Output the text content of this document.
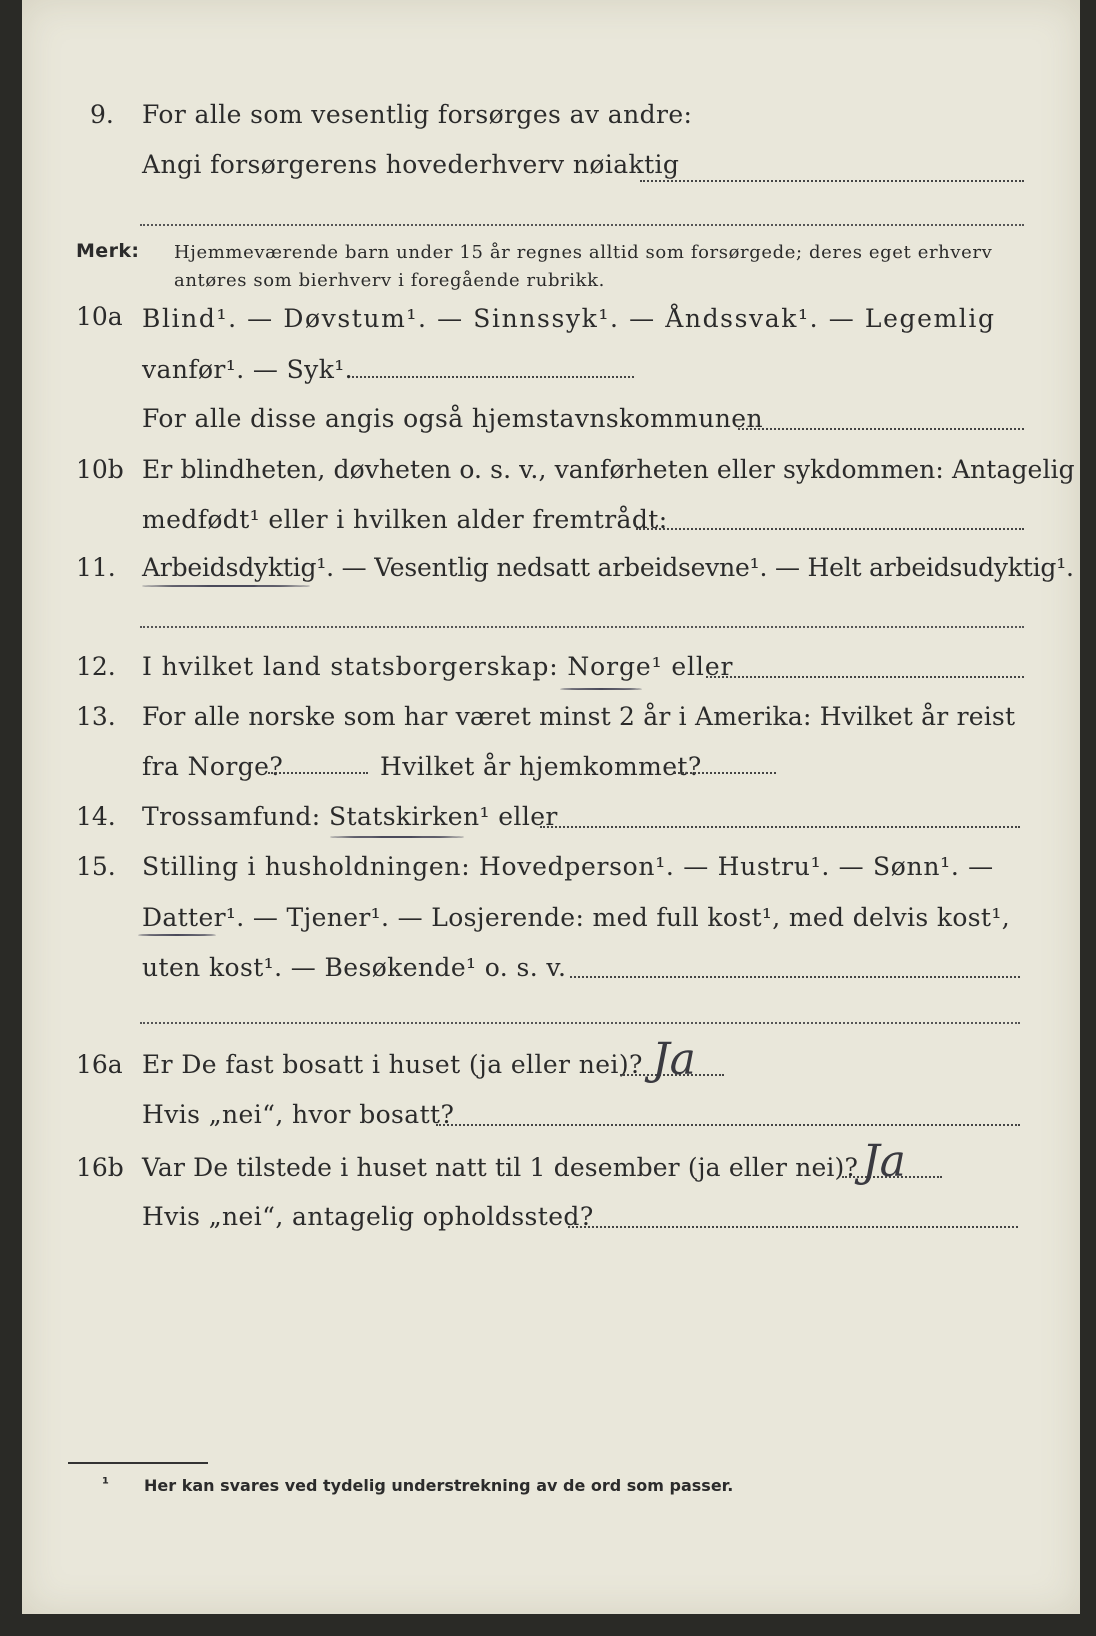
9. For alle som vesentlig forsørges av andre:
Angi forsørgerens hovederhverv nøiaktig
Merk: Hjemmeværende barn under 15 år regnes alltid som forsørgede; deres eget erhverv
antøres som bierhverv i foregående rubrikk.
10a Blind¹. — Døvstum¹. — Sinnssyk¹. — Åndssvak¹. — Legemlig
vanfør¹. — Syk¹.
For alle disse angis også hjemstavnskommunen
10b Er blindheten, døvheten o. s. v., vanførheten eller sykdommen: Antagelig
medfødt¹ eller i hvilken alder fremtrådt:
11. Arbeidsdyktig¹. — Vesentlig nedsatt arbeidsevne¹. — Helt arbeidsudyktig¹.
12. I hvilket land statsborgerskap: Norge¹ eller
13. For alle norske som har været minst 2 år i Amerika: Hvilket år reist
fra Norge?	Hvilket år hjemkommet?
14. Trossamfund: Statskirken¹ eller
15. Stilling i husholdningen: Hovedperson¹. — Hustru¹. — Sønn¹. —
Datter¹. — Tjener¹. — Losjerende: med full kost¹, med delvis kost¹,
uten kost¹. — Besøkende¹ o. s. v.
16a Er De fast bosatt i huset (ja eller nei)? Ja
Hvis „nei“, hvor bosatt?
16b Var De tilstede i huset natt til 1 desember (ja eller nei)? Ja
Hvis „nei“, antagelig opholdssted?
¹ Her kan svares ved tydelig understrekning av de ord som passer.
